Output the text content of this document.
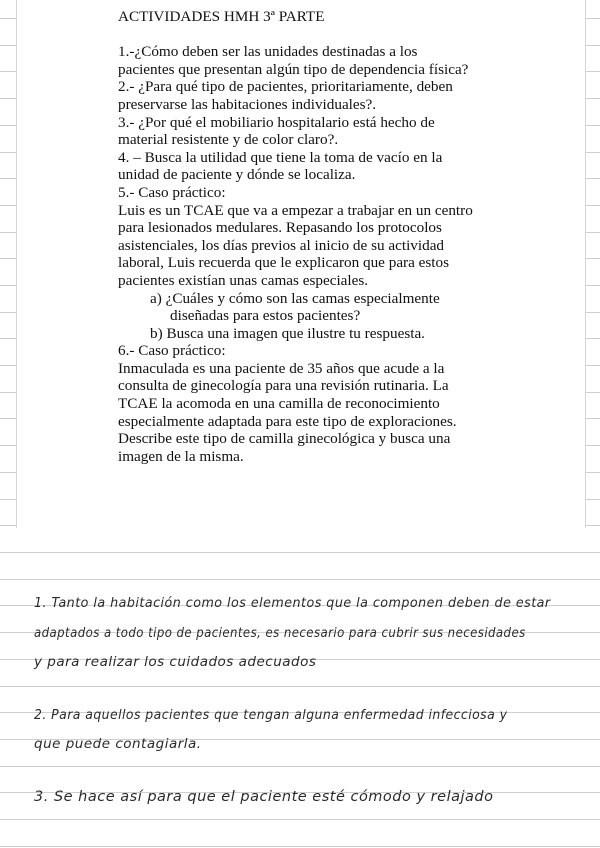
ACTIVIDADES HMH 3ª PARTE
1.-¿Cómo deben ser las unidades destinadas a los
pacientes que presentan algún tipo de dependencia física?
2.- ¿Para qué tipo de pacientes, prioritariamente, deben
preservarse las habitaciones individuales?.
3.- ¿Por qué el mobiliario hospitalario está hecho de
material resistente y de color claro?.
4. – Busca la utilidad que tiene la toma de vacío en la
unidad de paciente y dónde se localiza.
5.- Caso práctico:
Luis es un TCAE que va a empezar a trabajar en un centro
para lesionados medulares. Repasando los protocolos
asistenciales, los días previos al inicio de su actividad
laboral, Luis recuerda que le explicaron que para estos
pacientes existían unas camas especiales.
a) ¿Cuáles y cómo son las camas especialmente
diseñadas para estos pacientes?
b) Busca una imagen que ilustre tu respuesta.
6.- Caso práctico:
Inmaculada es una paciente de 35 años que acude a la
consulta de ginecología para una revisión rutinaria. La
TCAE la acomoda en una camilla de reconocimiento
especialmente adaptada para este tipo de exploraciones.
Describe este tipo de camilla ginecológica y busca una
imagen de la misma.
1. Tanto la habitación como los elementos que la componen deben de estar
adaptados a todo tipo de pacientes, es necesario para cubrir sus necesidades
y para realizar los cuidados adecuados
2. Para aquellos pacientes que tengan alguna enfermedad infecciosa y
que puede contagiarla.
3. Se hace así para que el paciente esté cómodo y relajado
